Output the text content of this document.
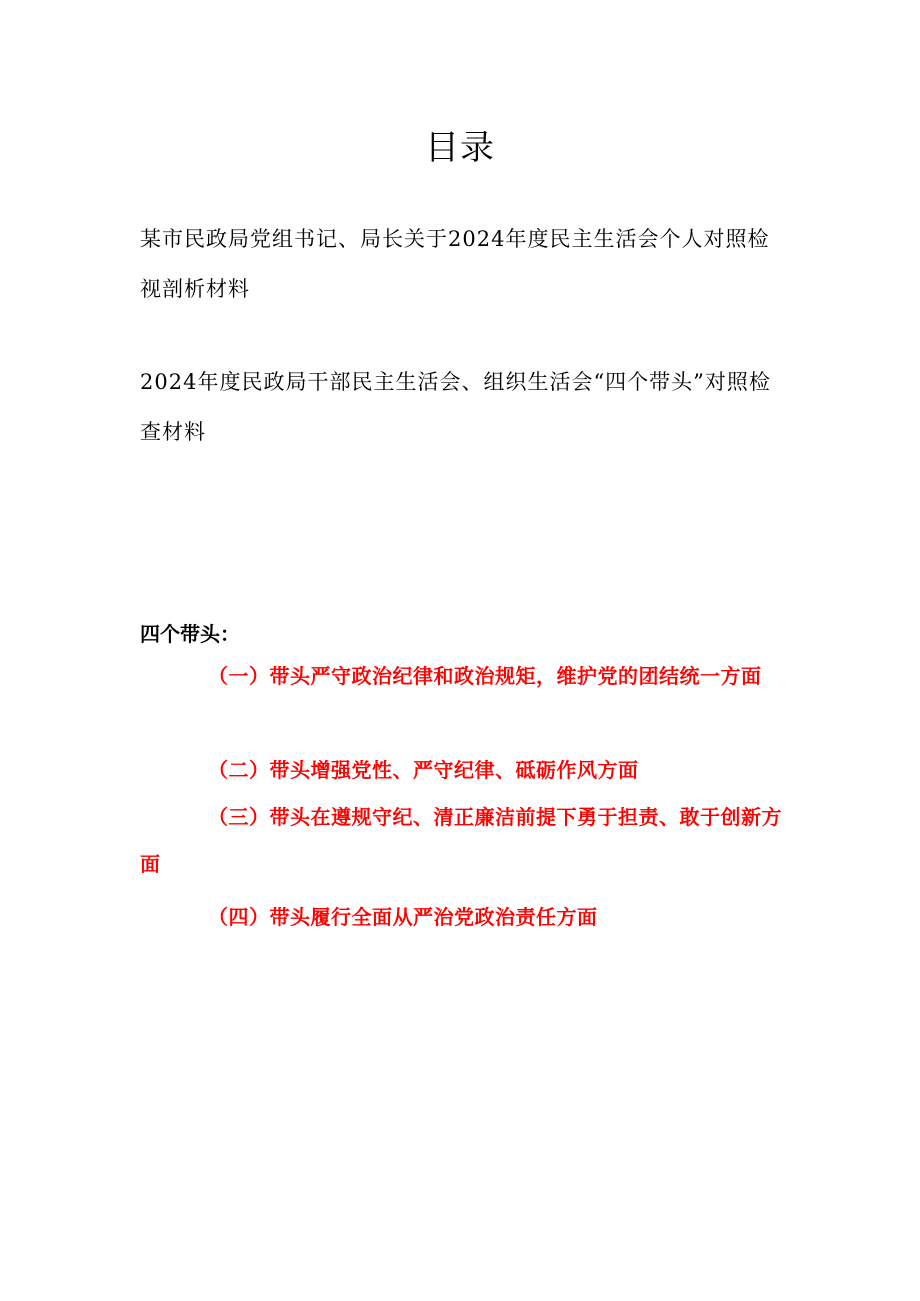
目录
某市民政局党组书记、局长关于2024年度民主生活会个人对照检视剖析材料
2024年度民政局干部民主生活会、组织生活会“四个带头”对照检查材料
四个带头：
（一）带头严守政治纪律和政治规矩，维护党的团结统一方面
（二）带头增强党性、严守纪律、砥砺作风方面
（三）带头在遵规守纪、清正廉洁前提下勇于担责、敢于创新方面
（四）带头履行全面从严治党政治责任方面
